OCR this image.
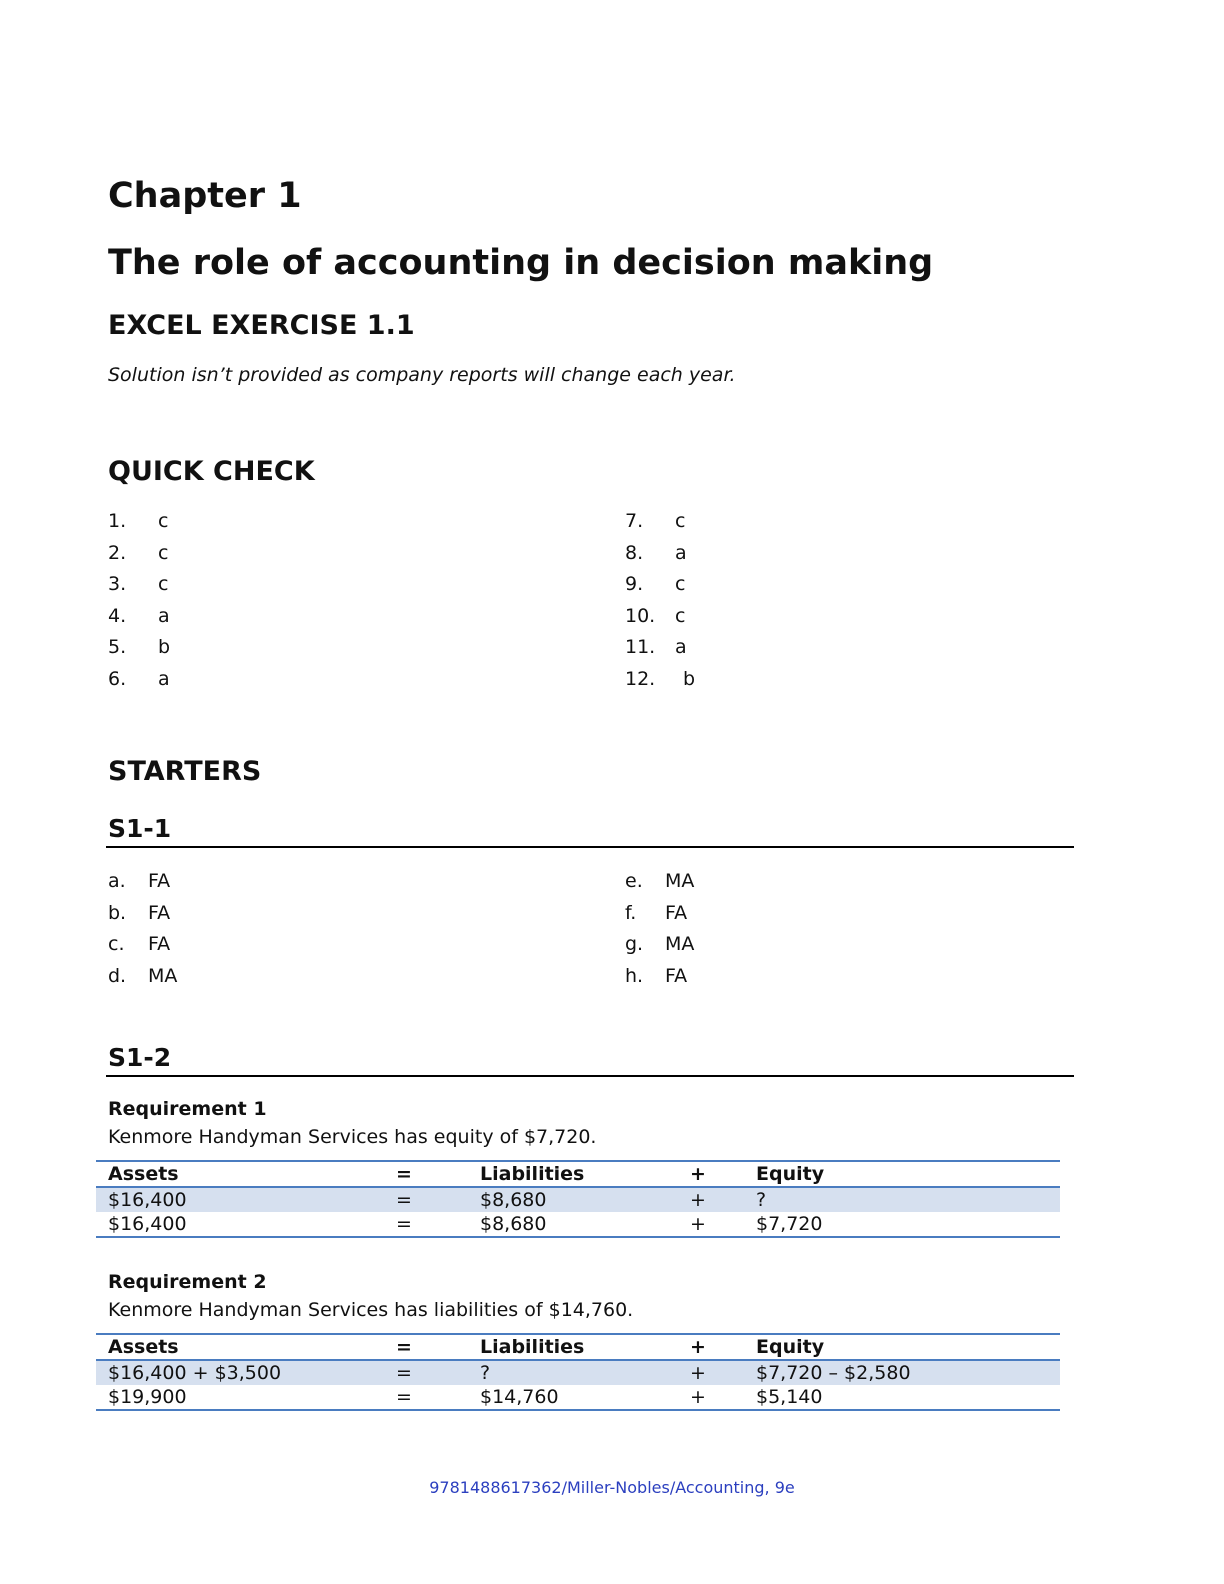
Chapter 1
The role of accounting in decision making
EXCEL EXERCISE 1.1
Solution isn’t provided as company reports will change each year.
QUICK CHECK
1. c
2. c
3. c
4. a
5. b
6. a
7. c
8. a
9. c
10. c
11. a
12. b
STARTERS
S1-1
a. FA
b. FA
c. FA
d. MA
e. MA
f. FA
g. MA
h. FA
S1-2
Requirement 1
Kenmore Handyman Services has equity of $7,720.
Assets	=	Liabilities	+	Equity
$16,400	=	$8,680	+	?
$16,400	=	$8,680	+	$7,720
Requirement 2
Kenmore Handyman Services has liabilities of $14,760.
Assets	=	Liabilities	+	Equity
$16,400 + $3,500	=	?	+	$7,720 – $2,580
$19,900	=	$14,760	+	$5,140
9781488617362/Miller-Nobles/Accounting, 9e
